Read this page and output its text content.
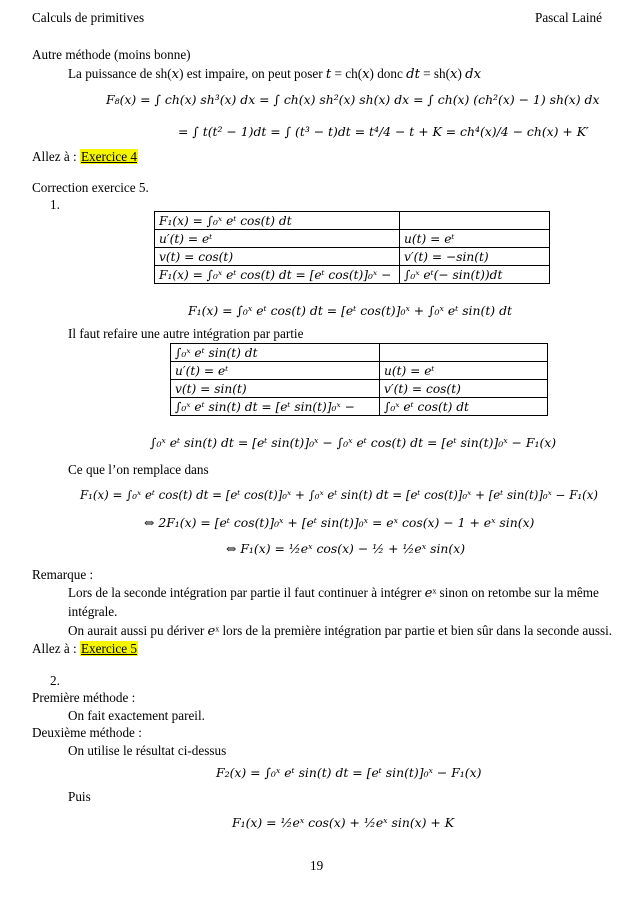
Calculs de primitives	Pascal Lainé
Autre méthode (moins bonne)
La puissance de sh(𝑥) est impaire, on peut poser 𝑡 = ch(𝑥) donc 𝑑𝑡 = sh(𝑥) 𝑑𝑥
𝐹₈(𝑥) = ∫ ch(𝑥) sh³(𝑥) 𝑑𝑥 = ∫ ch(𝑥) sh²(𝑥) sh(𝑥) 𝑑𝑥 = ∫ ch(𝑥) (ch²(𝑥) − 1) sh(𝑥) 𝑑𝑥
= ∫ 𝑡(𝑡² − 1)𝑑𝑡 = ∫ (𝑡³ − 𝑡)𝑑𝑡 = 𝑡⁴/4 − 𝑡 + 𝐾 = ch⁴(𝑥)/4 − ch(𝑥) + 𝐾′
Allez à : Exercice 4
Correction exercice 5.
1.
𝐹₁(𝑥) = ∫₀ˣ 𝑒ᵗ cos(𝑡) 𝑑𝑡	
𝑢′(𝑡) = 𝑒ᵗ	𝑢(𝑡) = 𝑒ᵗ
𝑣(𝑡) = cos(𝑡)	𝑣′(𝑡) = −sin(𝑡)
𝐹₁(𝑥) = ∫₀ˣ 𝑒ᵗ cos(𝑡) 𝑑𝑡 = [𝑒ᵗ cos(𝑡)]₀ˣ −	∫₀ˣ 𝑒ᵗ(− sin(𝑡))𝑑𝑡
𝐹₁(𝑥) = ∫₀ˣ 𝑒ᵗ cos(𝑡) 𝑑𝑡 = [𝑒ᵗ cos(𝑡)]₀ˣ + ∫₀ˣ 𝑒ᵗ sin(𝑡) 𝑑𝑡
Il faut refaire une autre intégration par partie
∫₀ˣ 𝑒ᵗ sin(𝑡) 𝑑𝑡	
𝑢′(𝑡) = 𝑒ᵗ	𝑢(𝑡) = 𝑒ᵗ
𝑣(𝑡) = sin(𝑡)	𝑣′(𝑡) = cos(𝑡)
∫₀ˣ 𝑒ᵗ sin(𝑡) 𝑑𝑡 = [𝑒ᵗ sin(𝑡)]₀ˣ −	∫₀ˣ 𝑒ᵗ cos(𝑡) 𝑑𝑡
∫₀ˣ 𝑒ᵗ sin(𝑡) 𝑑𝑡 = [𝑒ᵗ sin(𝑡)]₀ˣ − ∫₀ˣ 𝑒ᵗ cos(𝑡) 𝑑𝑡 = [𝑒ᵗ sin(𝑡)]₀ˣ − 𝐹₁(𝑥)
Ce que l’on remplace dans
𝐹₁(𝑥) = ∫₀ˣ 𝑒ᵗ cos(𝑡) 𝑑𝑡 = [𝑒ᵗ cos(𝑡)]₀ˣ + ∫₀ˣ 𝑒ᵗ sin(𝑡) 𝑑𝑡 = [𝑒ᵗ cos(𝑡)]₀ˣ + [𝑒ᵗ sin(𝑡)]₀ˣ − 𝐹₁(𝑥)
⇔ 2𝐹₁(𝑥) = [𝑒ᵗ cos(𝑡)]₀ˣ + [𝑒ᵗ sin(𝑡)]₀ˣ = 𝑒ˣ cos(𝑥) − 1 + 𝑒ˣ sin(𝑥)
⇔ 𝐹₁(𝑥) = ½𝑒ˣ cos(𝑥) − ½ + ½𝑒ˣ sin(𝑥)
Remarque :
Lors de la seconde intégration par partie il faut continuer à intégrer 𝑒ˣ sinon on retombe sur la même
intégrale.
On aurait aussi pu dériver 𝑒ˣ lors de la première intégration par partie et bien sûr dans la seconde aussi.
Allez à : Exercice 5
2.
Première méthode :
On fait exactement pareil.
Deuxième méthode :
On utilise le résultat ci-dessus
𝐹₂(𝑥) = ∫₀ˣ 𝑒ᵗ sin(𝑡) 𝑑𝑡 = [𝑒ᵗ sin(𝑡)]₀ˣ − 𝐹₁(𝑥)
Puis
𝐹₁(𝑥) = ½𝑒ˣ cos(𝑥) + ½𝑒ˣ sin(𝑥) + 𝐾
19
